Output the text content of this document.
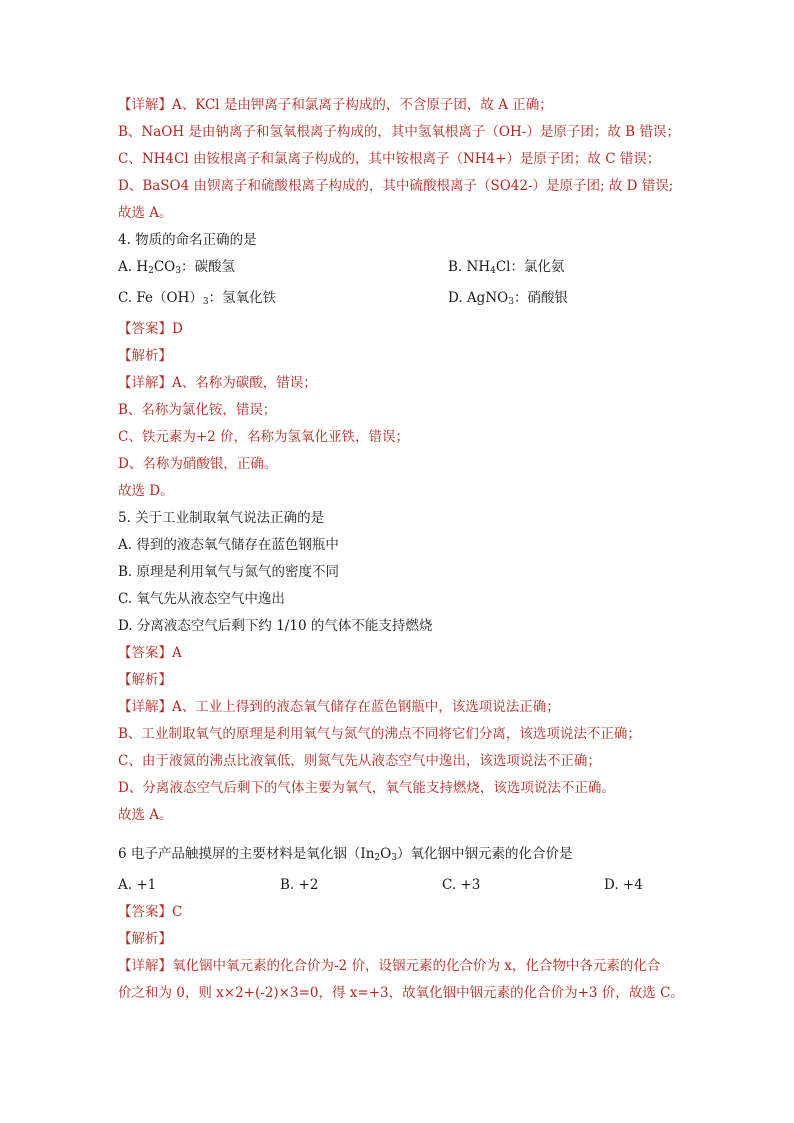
【详解】A、KCl 是由钾离子和氯离子构成的，不含原子团，故 A 正确；
B、NaOH 是由钠离子和氢氧根离子构成的，其中氢氧根离子（OH-）是原子团；故 B 错误；
C、NH4Cl 由铵根离子和氯离子构成的，其中铵根离子（NH4+）是原子团；故 C 错误；
D、BaSO4 由钡离子和硫酸根离子构成的，其中硫酸根离子（SO42-）是原子团; 故 D 错误;
故选 A。
4. 物质的命名正确的是
A. $H_2CO_3$：碳酸氢	B. $NH_4Cl$：氯化氨
C. $Fe(OH)_3$：氢氧化铁	D. AgNO$_3$：硝酸银
【答案】D
【解析】
【详解】A、名称为碳酸，错误；
B、名称为氯化铵，错误；
C、铁元素为+2 价，名称为氢氧化亚铁，错误；
D、名称为硝酸银，正确。
故选 D。
5. 关于工业制取氧气说法正确的是
A. 得到的液态氧气储存在蓝色钢瓶中
B. 原理是利用氧气与氮气的密度不同
C. 氧气先从液态空气中逸出
D. 分离液态空气后剩下约 1/10 的气体不能支持燃烧
【答案】A
【解析】
【详解】A、工业上得到的液态氧气储存在蓝色钢瓶中，该选项说法正确；
B、工业制取氧气的原理是利用氧气与氮气的沸点不同将它们分离，该选项说法不正确；
C、由于液氮的沸点比液氧低，则氮气先从液态空气中逸出，该选项说法不正确；
D、分离液态空气后剩下的气体主要为氧气，氧气能支持燃烧，该选项说法不正确。
故选 A。
6 电子产品触摸屏的主要材料是氧化铟$(In_2O_3)$氧化铟中铟元素的化合价是
A. +1	B. +2	C. +3	D. +4
【答案】C
【解析】
【详解】氧化铟中氧元素的化合价为-2 价，设铟元素的化合价为 x，化合物中各元素的化合
价之和为 0，则 x×2+(-2)×3=0，得 x=+3，故氧化铟中铟元素的化合价为+3 价，故选 C。
